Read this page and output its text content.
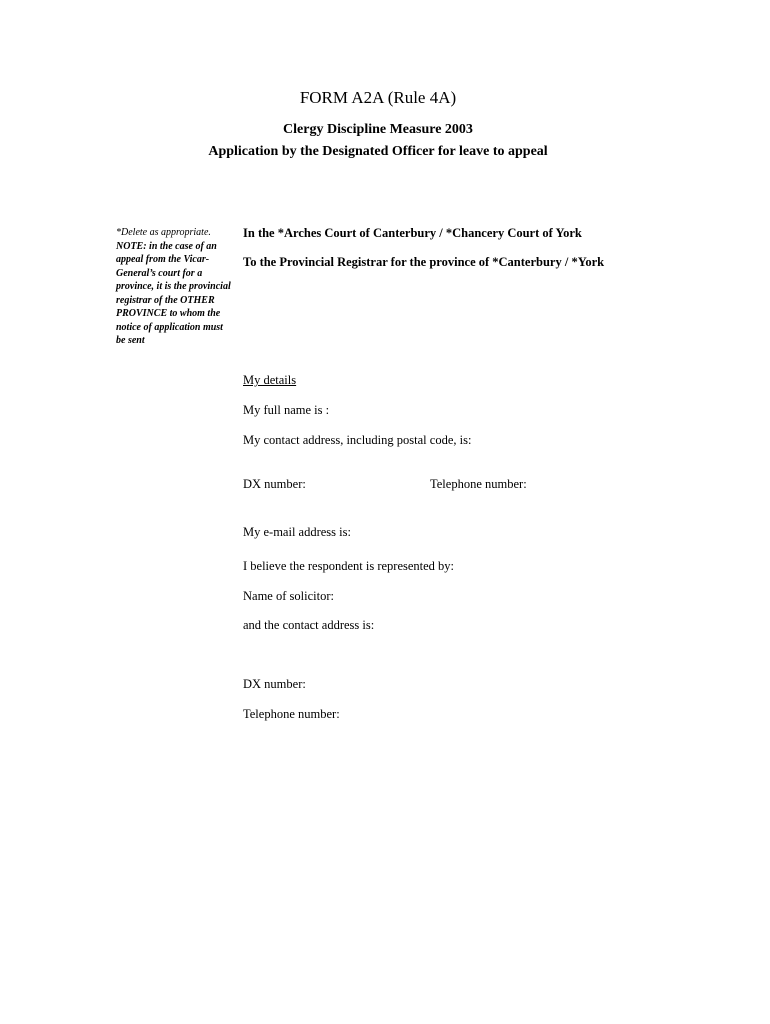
FORM A2A (Rule 4A)
Clergy Discipline Measure 2003
Application by the Designated Officer for leave to appeal
*Delete as appropriate.
NOTE: in the case of an appeal from the Vicar-General’s court for a province, it is the provincial registrar of the OTHER PROVINCE to whom the notice of application must be sent
In the *Arches Court of Canterbury / *Chancery Court of York
To the Provincial Registrar for the province of *Canterbury / *York
My details
My full name is :
My contact address, including postal code, is:
DX number:	Telephone number:
My e-mail address is:
I believe the respondent is represented by:
Name of solicitor:
and the contact address is:
DX number:
Telephone number:
